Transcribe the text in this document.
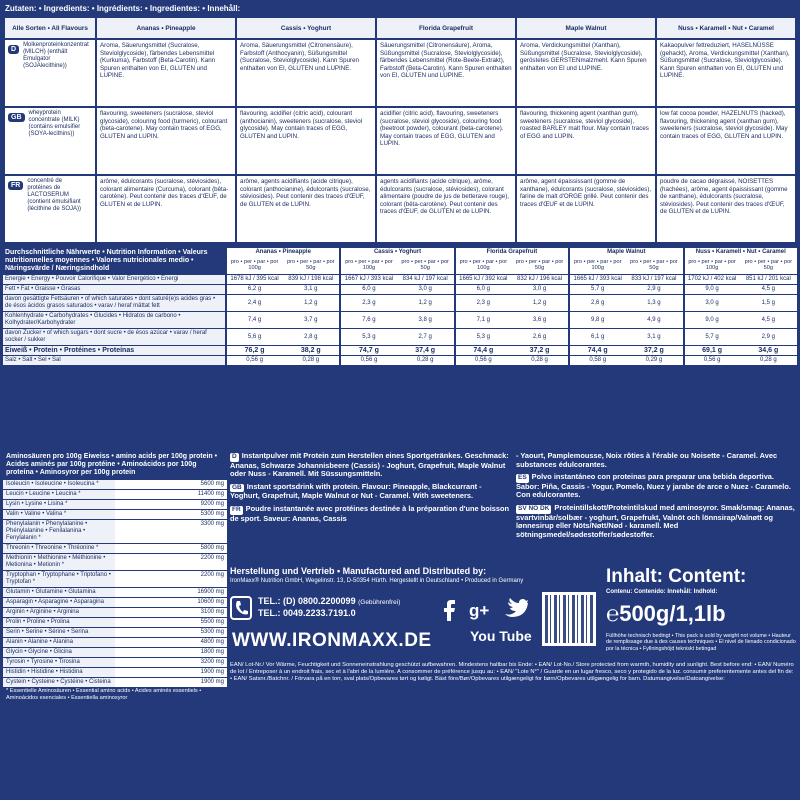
Zutaten: • Ingredients: • Ingrédients: • Ingredientes: • Innehåll:
Alle Sorten • All Flavours	Ananas • Pineapple	Cassis • Yoghurt	Florida Grapefruit	Maple Walnut	Nuss • Karamell • Nut • Caramel
DMolkenproteinkonzentrat (MILCH) (enthält Emulgator (SOJAlecithine))	Aroma, Säuerungsmittel (Sucralose, Steviolglycoside), färbendes Lebensmittel (Kurkuma), Farbstoff (Beta-Carotin). Kann Spuren enthalten von EI, GLUTEN und LUPINE.	Aroma, Säuerungsmittel (Citronensäure), Farbstoff (Anthocyanin), Süßungsmittel (Sucralose, Steviolglycoside). Kann Spuren enthalten von EI, GLUTEN und LUPINE.	Säuerungsmittel (Citronensäure), Aroma, Süßungsmittel (Sucralose, Steviolglycoside), färbendes Lebensmittel (Rote-Beete-Extrakt), Farbstoff (Beta-Carotin). Kann Spuren enthalten von EI, GLUTEN und LUPINE.	Aroma, Verdickungsmittel (Xanthan), Süßungsmittel (Sucralose, Steviolglycoside), geröstetes GERSTENmalzmehl. Kann Spuren enthalten von EI und LUPINE.	Kakaopulver fettreduziert, HASELNÜSSE (gehackt), Aroma, Verdickungsmittel (Xanthan), Süßungsmittel (Sucralose, Steviolglycoside). Kann Spuren enthalten von EI, GLUTEN und LUPINE.
GBwheyprotein concentrate (MILK) (contains emulsifier (SOYA-lecithins))	flavouring, sweeteners (sucralose, steviol glycoside), colouring food (turmeric), colourant (beta-carotene). May contain traces of EGG, GLUTEN and LUPIN.	flavouring, acidifier (citric acid), colourant (anthocianin), sweeteners (sucralose, steviol glycoside). May contain traces of EGG, GLUTEN and LUPIN.	acidifier (citric acid), flavouring, sweeteners (sucralose, steviol glycoside), colouring food (beetroot powder), colourant (beta-carotene). May contain traces of EGG, GLUTEN and LUPIN.	flavouring, thickening agent (xanthan gum), sweeteners (sucralose, steviol glycoside), roasted BARLEY malt flour. May contain traces of EGG and LUPIN.	low fat cocoa powder, HAZELNUTS (hacked), flavouring, thickening agent (xanthan gum), sweeteners (sucralose, steviol glycoside). May contain traces of EGG, GLUTEN and LUPIN.
FRconcentré de protéines de LACTOSERUM (contient émulsifiant (lécithine de SOJA))	arôme, édulcorants (sucralose, stéviosides), colorant alimentaire (Curcuma), colorant (bêta-carotène). Peut contenir des traces d'ŒUF, de GLUTEN et de LUPIN.	arôme, agents acidifiants (acide citrique), colorant (anthocianine), édulcorants (sucralose, stéviosides). Peut contenir des traces d'ŒUF, de GLUTEN et de LUPIN.	agents acidifiants (acide citrique), arôme, édulcorants (sucralose, stéviosides), colorant alimentaire (poudre de jus de betterave rouge), colorant (bêta-carotène). Peut contenir des traces d'ŒUF, de GLUTEN et de LUPIN.	arôme, agent épaississant (gomme de xanthane), édulcorants (sucralose, stéviosides), farine de malt d'ORGE grillé. Peut contenir des traces d'ŒUF et de LUPIN.	poudre de cacao dégraissé, NOISETTES (hachées), arôme, agent épaississant (gomme de xanthane), édulcorants (sucralose, stéviosides). Peut contenir des traces d'ŒUF, de GLUTEN et de LUPIN.
Durchschnittliche Nährwerte • Nutrition Information • Valeurs nutritionnelles moyennes • Valores nutricionales medio • Näringsvärde / Næringsindhold	Ananas • Pineapple		Cassis • Yoghurt		Florida Grapefruit		Maple Walnut		Nuss • Karamell • Nut • Caramel	
	pro • per • par • por 100g	pro • per • par • por 50g	pro • per • par • por 100g	pro • per • par • por 50g	pro • per • par • por 100g	pro • per • par • por 50g	pro • per • par • por 100g	pro • per • par • por 50g	pro • per • par • por 100g	pro • per • par • por 50g
Energie • Energy • Pouvoir Calorifique • Valor Energético • Energi	1678 kJ / 395 kcal	839 kJ / 198 kcal	1667 kJ / 393 kcal	834 kJ / 197 kcal	1665 kJ / 392 kcal	832 kJ / 196 kcal	1665 kJ / 393 kcal	833 kJ / 197 kcal	1702 kJ / 402 kcal	851 kJ / 201 kcal
Fett • Fat • Graisse • Grasas	6,2 g	3,1 g	6,0 g	3,0 g	6,0 g	3,0 g	5,7 g	2,9 g	9,0 g	4,5 g
davon gesättigte Fettsäuren • of which saturates • dont saturé(e)s acides gras • de ésos ácidos grasos saturados • varav / heraf mättat fett	2,4 g	1,2 g	2,3 g	1,2 g	2,3 g	1,2 g	2,6 g	1,3 g	3,0 g	1,5 g
Kohlenhydrate • Carbohydrates • Glucides • Hidratos de carbono • Kolhydrater/Karbohydrater	7,4 g	3,7 g	7,6 g	3,8 g	7,1 g	3,6 g	9,8 g	4,9 g	9,0 g	4,5 g
davon Zucker • of which sugars • dont sucre • de ésos azúcar • varav / heraf socker / sukker	5,6 g	2,8 g	5,3 g	2,7 g	5,3 g	2,6 g	6,1 g	3,1 g	5,7 g	2,9 g
Eiweiß • Protein • Protéines • Proteínas	76,2 g	38,2 g	74,7 g	37,4 g	74,4 g	37,2 g	74,4 g	37,2 g	69,1 g	34,6 g
Salz • Salt • Sel • Sal	0,56 g	0,28 g	0,56 g	0,28 g	0,56 g	0,28 g	0,58 g	0,29 g	0,56 g	0,28 g
Aminosäuren pro 100g Eiweiss • amino acids per 100g protein • Acides aminés par 100g protéine • Aminoácidos por 100g proteína • Aminosyror per 100g protein	
Isoleucin • Isoleucine • Isoleucina *	5600 mg
Leucin • Leucine • Leucina *	11400 mg
Lysin • Lysine • Lisina *	9200 mg
Valin • Valine • Valina *	5300 mg
Phenylalanin • Phenylalanine • Phénylalanine • Fenilalanina • Fenylalanin *	3300 mg
Threonin • Threonine • Thréonine *	5800 mg
Methionin • Methionine • Méthionine • Metionina • Metionin *	2200 mg
Tryptophan • Tryptophane • Triptofano • Tryptofan *	2200 mg
Glutamin • Glutamine • Glutamina	16900 mg
Asparagin • Asparagine • Asparagina	10600 mg
Arginin • Arginine • Arginina	3100 mg
Prolin • Proline • Prolina	5500 mg
Serin • Serine • Sérine • Serina	5300 mg
Alanin • Alanine • Alanina	4800 mg
Glycin • Glycine • Glicina	1800 mg
Tyrosin • Tyrosine • Tirosina	3200 mg
Histidin • Histidine • Histidina	1900 mg
Cystein • Cysteine • Cystéine • Cisteina	1900 mg
* Essentielle Aminosäuren • Essential amino acids • Acides aminés essentiels • Aminoácidos esenciales • Essentiella aminosyror	
D Instantpulver mit Protein zum Herstellen eines Sportgetränkes. Geschmack: Ananas, Schwarze Johannisbeere (Cassis) - Joghurt, Grapefruit, Maple Walnut oder Nuss - Karamell. Mit Süssungsmitteln.
GB Instant sportsdrink with protein. Flavour: Pineapple, Blackcurrant - Yoghurt, Grapefruit, Maple Walnut or Nut - Caramel. With sweeteners.
FR Poudre instantanée avec protéines destinée à la préparation d'une boisson de sport. Saveur: Ananas, Cassis
- Yaourt, Pamplemousse, Noix rôties à l'érable ou Noisette - Caramel. Avec substances édulcorantes.
ES Polvo instantáneo con proteinas para preparar una bebida deportiva. Sabor: Piña, Cassis - Yogur, Pomelo, Nuez y jarabe de arce o Nuez - Caramelo. Con edulcorantes.
SV NO DK Proteintillskott/Proteintilskud med aminosyror. Smak/smag: Ananas, svartvinbär/solbær - yoghurt, Grapefrukt, Valnöt och lönnsirap/Valnøtt og lønnesirup eller Nöts/Nøtt/Nød - karamell. Med sötningsmedel/sødestoffer/sødestoffer.
Herstellung und Vertrieb • Manufactured and Distributed by:
IronMaxx® Nutrition GmbH, Wegelinstr. 13, D-50354 Hürth. Hergestellt in Deutschland • Produced in Germany
TEL.: (D) 0800.2200099 (Gebührenfrei)
TEL.: 0049.2233.7191.0
WWW.IRONMAXX.DE
g+
You Tube
Inhalt: Content:
Contenu: Contenido: Innehåll: Indhold:
℮500g/1,1lb
Füllhöhe technisch bedingt • This pack is sold by weight not volume • Hauteur de remplissage due à des causes techniques • El nivel de llenado condicionado por la técnica • Fyllningshöjd tekniskt betingad
EAN/ Lot-Nr./ Vor Wärme, Feuchtigkeit und Sonneneinstrahlung geschützt aufbewahren. Mindestens haltbar bis Ende: • EAN/ Lot-No./ Store protected from warmth, humidity and sunlight. Best before end: • EAN/ Numéro de lot / Entreposer à un endroit frais, sec et à l'abri de la lumière. A consommer de préférence jusqu au: • EAN/ "Lote N°" / Guarde en un lugar fresco, seco y protegido de la luz. consumir preferentemente antes del fin de: • EAN/ Satsnr./Batchnr. / Förvara på en torr, sval plats/Opbevares tørt og køligt. Bäst före/Bør/Opbevares utilgængeligt for børn/Opbevares utilgængelig for barn. Datumangivelse/Datoangivelse:
